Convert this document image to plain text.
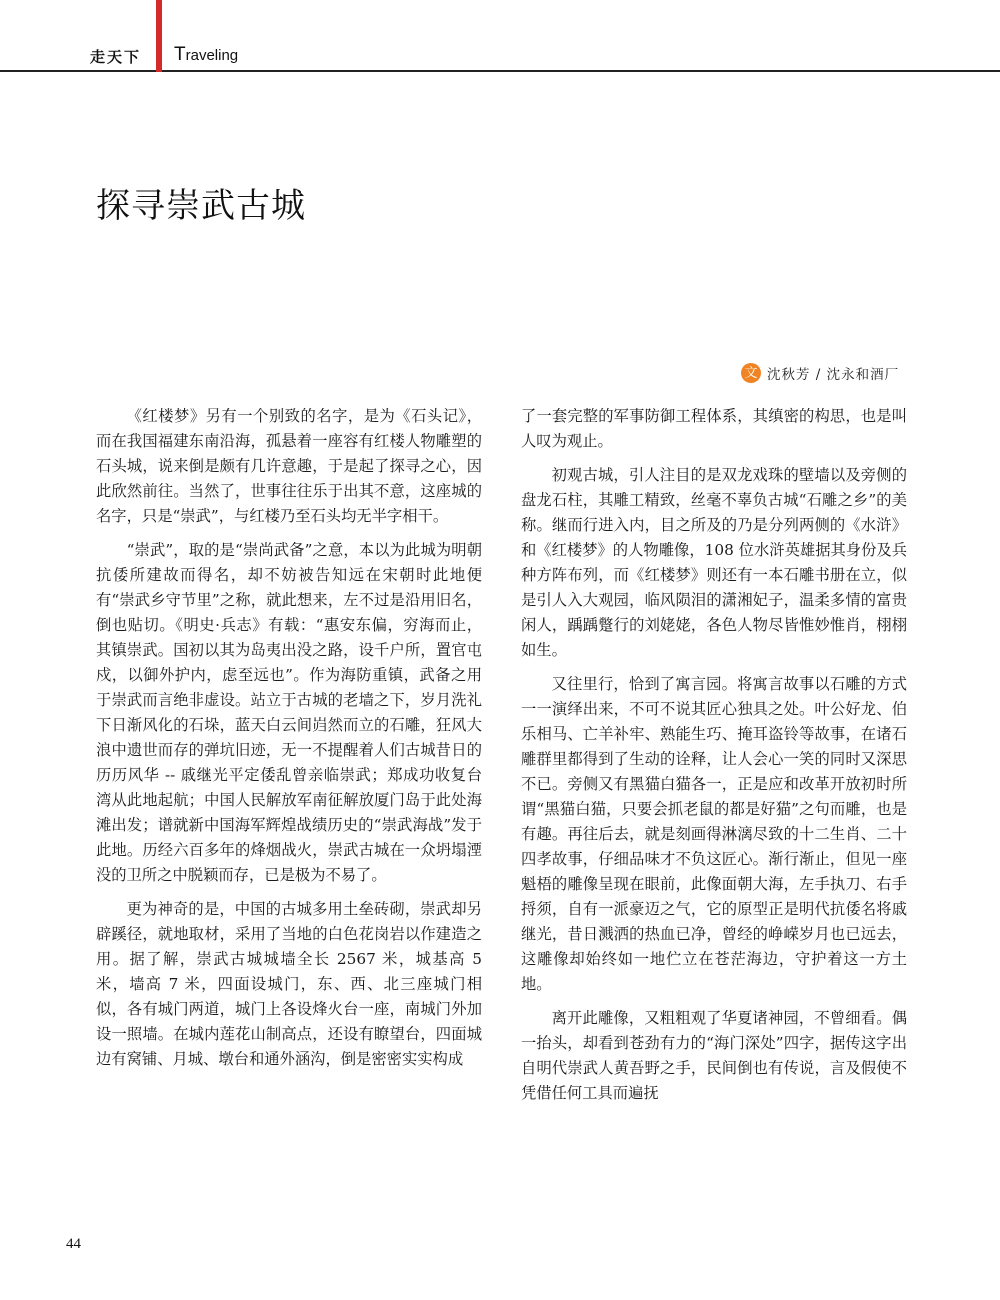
走天下 Traveling
探寻崇武古城
文 沈秋芳 / 沈永和酒厂

《红楼梦》另有一个别致的名字，是为《石头记》，而在我国福建东南沿海，孤悬着一座容有红楼人物雕塑的石头城，说来倒是颇有几许意趣，于是起了探寻之心，因此欣然前往。当然了，世事往往乐于出其不意，这座城的名字，只是“崇武”，与红楼乃至石头均无半字相干。

“崇武”，取的是“崇尚武备”之意，本以为此城为明朝抗倭所建故而得名，却不妨被告知远在宋朝时此地便有“崇武乡守节里”之称，就此想来，左不过是沿用旧名，倒也贴切。《明史·兵志》有载：“惠安东偏，穷海而止，其镇崇武。国初以其为岛夷出没之路，设千户所，置官屯戍，以御外护内，虑至远也”。作为海防重镇，武备之用于崇武而言绝非虚设。站立于古城的老墙之下，岁月洗礼下日渐风化的石垛，蓝天白云间岿然而立的石雕，狂风大浪中遗世而存的弹坑旧迹，无一不提醒着人们古城昔日的历历风华 -- 戚继光平定倭乱曾亲临崇武；郑成功收复台湾从此地起航；中国人民解放军南征解放厦门岛于此处海滩出发；谱就新中国海军辉煌战绩历史的“崇武海战”发于此地。历经六百多年的烽烟战火，崇武古城在一众坍塌湮没的卫所之中脱颖而存，已是极为不易了。

更为神奇的是，中国的古城多用土垒砖砌，崇武却另辟蹊径，就地取材，采用了当地的白色花岗岩以作建造之用。据了解，崇武古城城墙全长 2567 米，城基高 5 米，墙高 7 米，四面设城门，东、西、北三座城门相似，各有城门两道，城门上各设烽火台一座，南城门外加设一照墙。在城内莲花山制高点，还设有瞭望台，四面城边有窝铺、月城、墩台和通外涵沟，倒是密密实实构成

了一套完整的军事防御工程体系，其缜密的构思，也是叫人叹为观止。

初观古城，引人注目的是双龙戏珠的壁墙以及旁侧的盘龙石柱，其雕工精致，丝毫不辜负古城“石雕之乡”的美称。继而行进入内，目之所及的乃是分列两侧的《水浒》和《红楼梦》的人物雕像，108 位水浒英雄据其身份及兵种方阵布列，而《红楼梦》则还有一本石雕书册在立，似是引人入大观园，临风陨泪的潇湘妃子，温柔多情的富贵闲人，踽踽蹩行的刘姥姥，各色人物尽皆惟妙惟肖，栩栩如生。

又往里行，恰到了寓言园。将寓言故事以石雕的方式一一演绎出来，不可不说其匠心独具之处。叶公好龙、伯乐相马、亡羊补牢、熟能生巧、掩耳盗铃等故事，在诸石雕群里都得到了生动的诠释，让人会心一笑的同时又深思不已。旁侧又有黑猫白猫各一，正是应和改革开放初时所谓“黑猫白猫，只要会抓老鼠的都是好猫”之句而雕，也是有趣。再往后去，就是刻画得淋漓尽致的十二生肖、二十四孝故事，仔细品味才不负这匠心。渐行渐止，但见一座魁梧的雕像呈现在眼前，此像面朝大海，左手执刀、右手捋须，自有一派豪迈之气，它的原型正是明代抗倭名将戚继光，昔日溅洒的热血已净，曾经的峥嵘岁月也已远去，这雕像却始终如一地伫立在苍茫海边，守护着这一方土地。

离开此雕像，又粗粗观了华夏诸神园，不曾细看。偶一抬头，却看到苍劲有力的“海门深处”四字，据传这字出自明代崇武人黄吾野之手，民间倒也有传说，言及假使不凭借任何工具而遍抚

44
